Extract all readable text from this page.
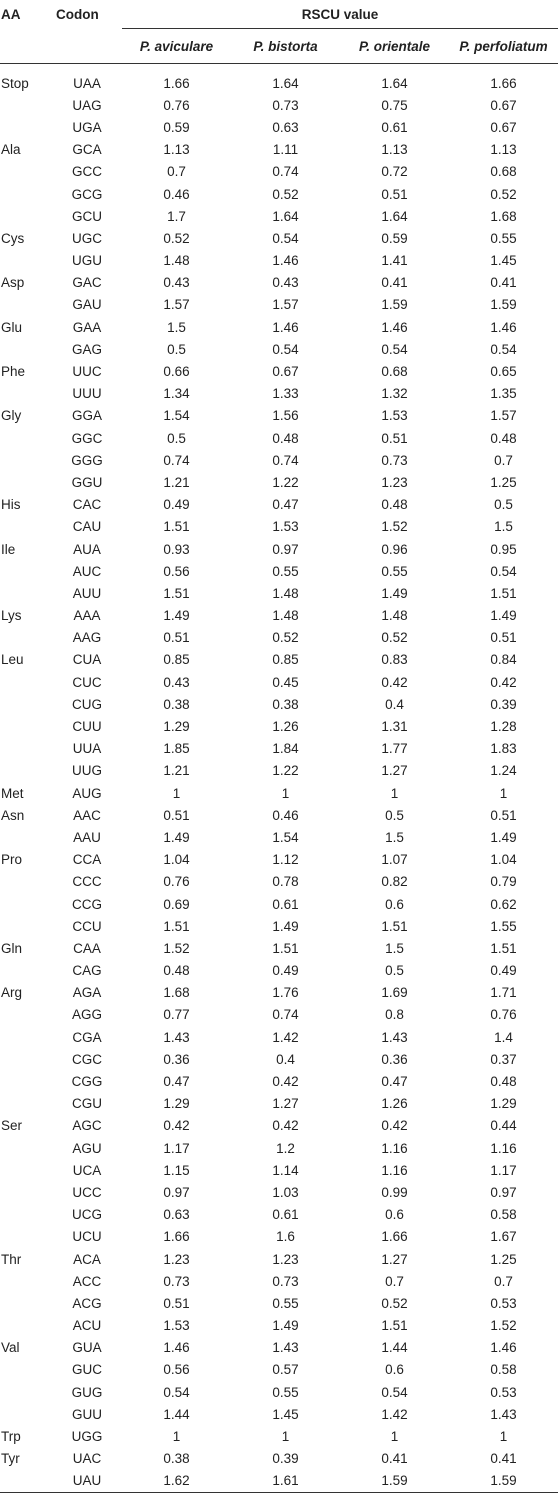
AA	Codon	RSCU value			
		P. aviculare	P. bistorta	P. orientale	P. perfoliatum
Stop	UAA	1.66	1.64	1.64	1.66
	UAG	0.76	0.73	0.75	0.67
	UGA	0.59	0.63	0.61	0.67
Ala	GCA	1.13	1.11	1.13	1.13
	GCC	0.7	0.74	0.72	0.68
	GCG	0.46	0.52	0.51	0.52
	GCU	1.7	1.64	1.64	1.68
Cys	UGC	0.52	0.54	0.59	0.55
	UGU	1.48	1.46	1.41	1.45
Asp	GAC	0.43	0.43	0.41	0.41
	GAU	1.57	1.57	1.59	1.59
Glu	GAA	1.5	1.46	1.46	1.46
	GAG	0.5	0.54	0.54	0.54
Phe	UUC	0.66	0.67	0.68	0.65
	UUU	1.34	1.33	1.32	1.35
Gly	GGA	1.54	1.56	1.53	1.57
	GGC	0.5	0.48	0.51	0.48
	GGG	0.74	0.74	0.73	0.7
	GGU	1.21	1.22	1.23	1.25
His	CAC	0.49	0.47	0.48	0.5
	CAU	1.51	1.53	1.52	1.5
Ile	AUA	0.93	0.97	0.96	0.95
	AUC	0.56	0.55	0.55	0.54
	AUU	1.51	1.48	1.49	1.51
Lys	AAA	1.49	1.48	1.48	1.49
	AAG	0.51	0.52	0.52	0.51
Leu	CUA	0.85	0.85	0.83	0.84
	CUC	0.43	0.45	0.42	0.42
	CUG	0.38	0.38	0.4	0.39
	CUU	1.29	1.26	1.31	1.28
	UUA	1.85	1.84	1.77	1.83
	UUG	1.21	1.22	1.27	1.24
Met	AUG	1	1	1	1
Asn	AAC	0.51	0.46	0.5	0.51
	AAU	1.49	1.54	1.5	1.49
Pro	CCA	1.04	1.12	1.07	1.04
	CCC	0.76	0.78	0.82	0.79
	CCG	0.69	0.61	0.6	0.62
	CCU	1.51	1.49	1.51	1.55
Gln	CAA	1.52	1.51	1.5	1.51
	CAG	0.48	0.49	0.5	0.49
Arg	AGA	1.68	1.76	1.69	1.71
	AGG	0.77	0.74	0.8	0.76
	CGA	1.43	1.42	1.43	1.4
	CGC	0.36	0.4	0.36	0.37
	CGG	0.47	0.42	0.47	0.48
	CGU	1.29	1.27	1.26	1.29
Ser	AGC	0.42	0.42	0.42	0.44
	AGU	1.17	1.2	1.16	1.16
	UCA	1.15	1.14	1.16	1.17
	UCC	0.97	1.03	0.99	0.97
	UCG	0.63	0.61	0.6	0.58
	UCU	1.66	1.6	1.66	1.67
Thr	ACA	1.23	1.23	1.27	1.25
	ACC	0.73	0.73	0.7	0.7
	ACG	0.51	0.55	0.52	0.53
	ACU	1.53	1.49	1.51	1.52
Val	GUA	1.46	1.43	1.44	1.46
	GUC	0.56	0.57	0.6	0.58
	GUG	0.54	0.55	0.54	0.53
	GUU	1.44	1.45	1.42	1.43
Trp	UGG	1	1	1	1
Tyr	UAC	0.38	0.39	0.41	0.41
	UAU	1.62	1.61	1.59	1.59
